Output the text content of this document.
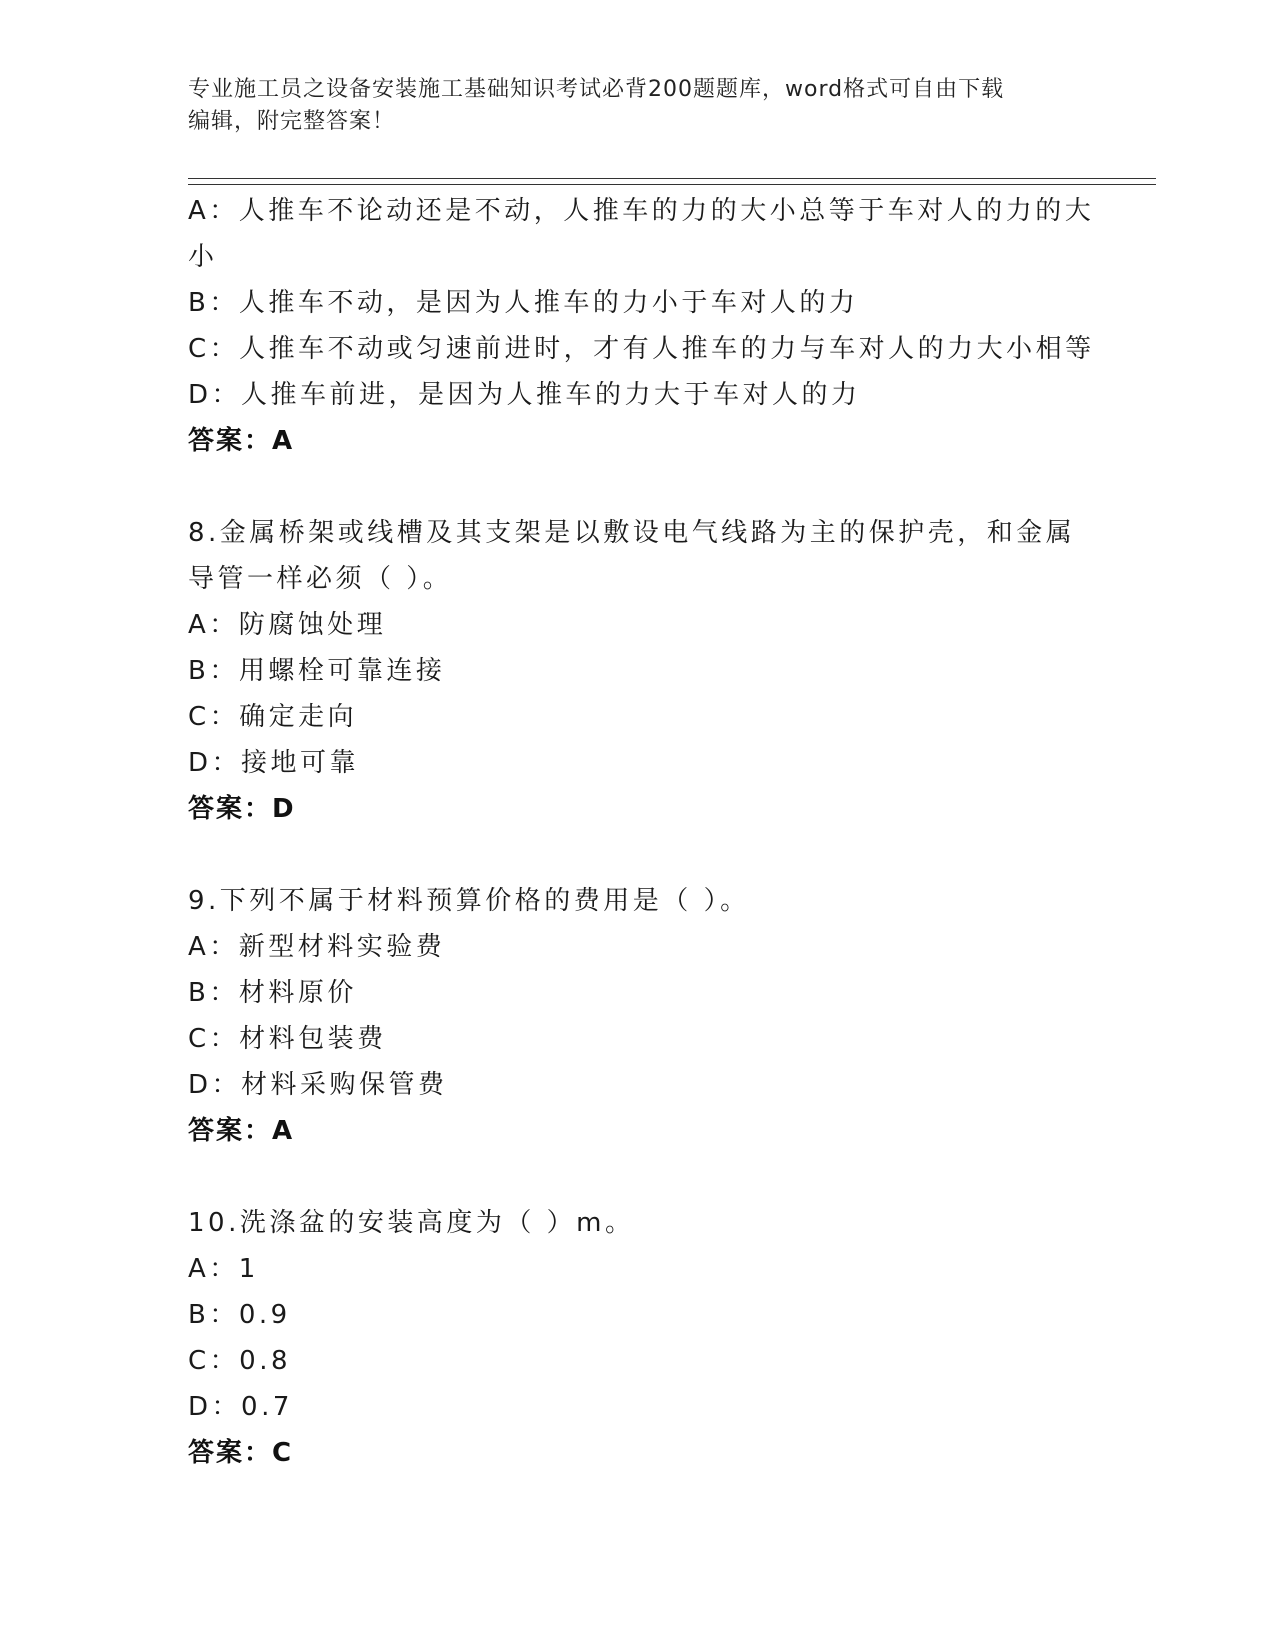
专业施工员之设备安装施工基础知识考试必背200题题库，word格式可自由下载
编辑，附完整答案！
A：人推车不论动还是不动，人推车的力的大小总等于车对人的力的大
小
B：人推车不动，是因为人推车的力小于车对人的力
C：人推车不动或匀速前进时，才有人推车的力与车对人的力大小相等
D：人推车前进，是因为人推车的力大于车对人的力
答案：A
8.金属桥架或线槽及其支架是以敷设电气线路为主的保护壳，和金属
导管一样必须（ ）。
A：防腐蚀处理
B：用螺栓可靠连接
C：确定走向
D：接地可靠
答案：D
9.下列不属于材料预算价格的费用是（ ）。
A：新型材料实验费
B：材料原价
C：材料包装费
D：材料采购保管费
答案：A
10.洗涤盆的安装高度为（ ）m。
A：1
B：0.9
C：0.8
D：0.7
答案：C
